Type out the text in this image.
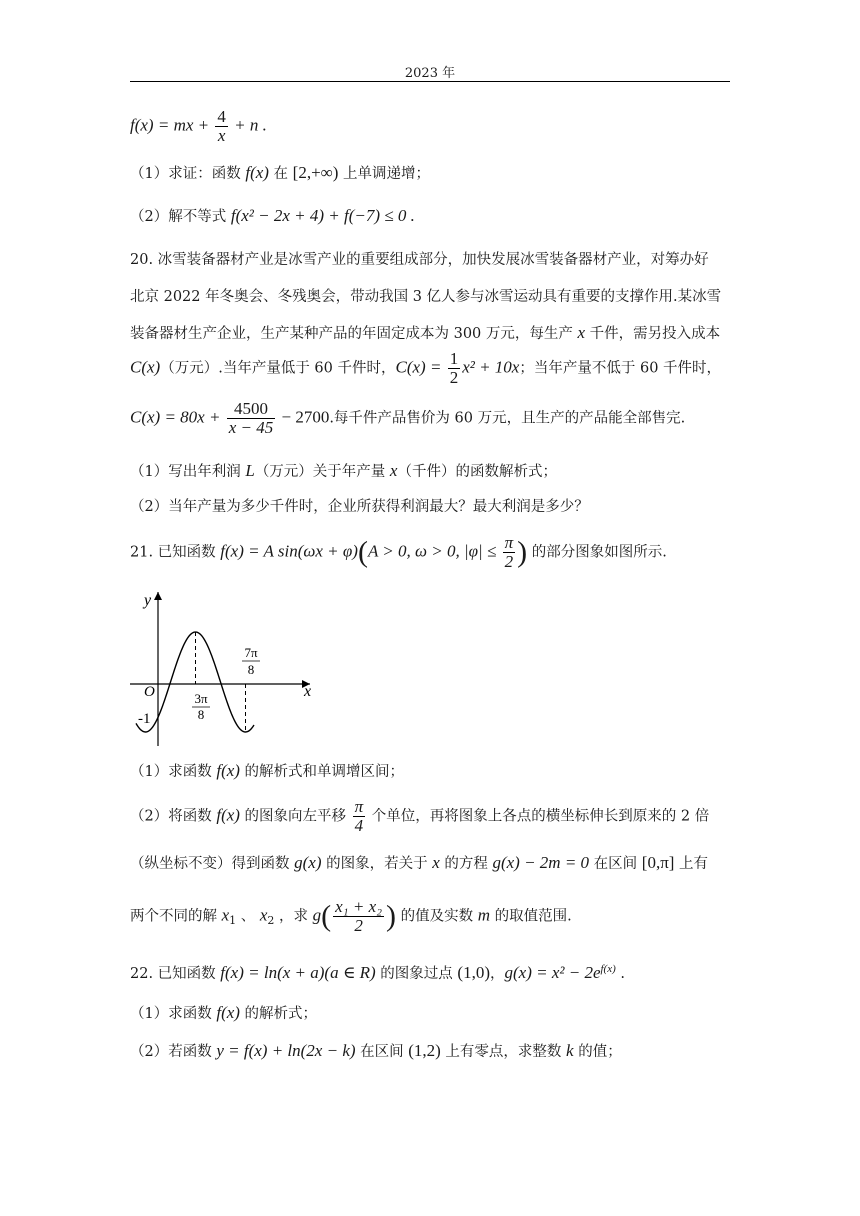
2023 年
f(x) = mx + $\frac{4}{x} + n$ .
（1）求证：函数 f(x) 在 [2,+∞) 上单调递增；
（2）解不等式 f(x² − 2x + 4) + f(−7) ≤ 0 .
20. 冰雪装备器材产业是冰雪产业的重要组成部分，加快发展冰雪装备器材产业，对筹办好
北京 2022 年冬奥会、冬残奥会，带动我国 3 亿人参与冰雪运动具有重要的支撑作用.某冰雪
装备器材生产企业，生产某种产品的年固定成本为 300 万元，每生产 x 千件，需另投入成本
C(x)（万元）.当年产量低于 60 千件时，$C(x) = \frac{1}{2} x^2 + 10x$；当年产量不低于 60 千件时，
$C(x) = 80x + \frac{4500}{x - 45} - 2700$.每千件产品售价为 60 万元，且生产的产品能全部售完.
（1）写出年利润 L（万元）关于年产量 x（千件）的函数解析式；
（2）当年产量为多少千件时，企业所获得利润最大？最大利润是多少？
21. 已知函数 f(x) = A sin(ωx + φ)(A > 0, ω > 0, $|\varphi| \le \frac{\pi}{2}$ ) 的部分图象如图所示.
y
x
O
-1
3π
8
7π
8
（1）求函数 f(x) 的解析式和单调增区间；
（2）将函数 f(x) 的图象向左平移 $\frac{\pi}{4}$ 个单位，再将图象上各点的横坐标伸长到原来的 2 倍
（纵坐标不变）得到函数 g(x) 的图象，若关于 x 的方程 g(x) − 2m = 0 在区间 [0,π] 上有
两个不同的解 $x_1$ 、 $x_2$ ，求 $g( \frac{\text{x₁ + x₂}}{2}$ ) 的值及实数 m 的取值范围.
22. 已知函数 f(x) = ln(x + a)(a ∈ R) 的图象过点 (1,0)，$g(x) = x^2 - 2e^{f(x)}$ .
（1）求函数 f(x) 的解析式；
（2）若函数 y = f(x) + ln(2x − k) 在区间 (1,2) 上有零点，求整数 k 的值；
